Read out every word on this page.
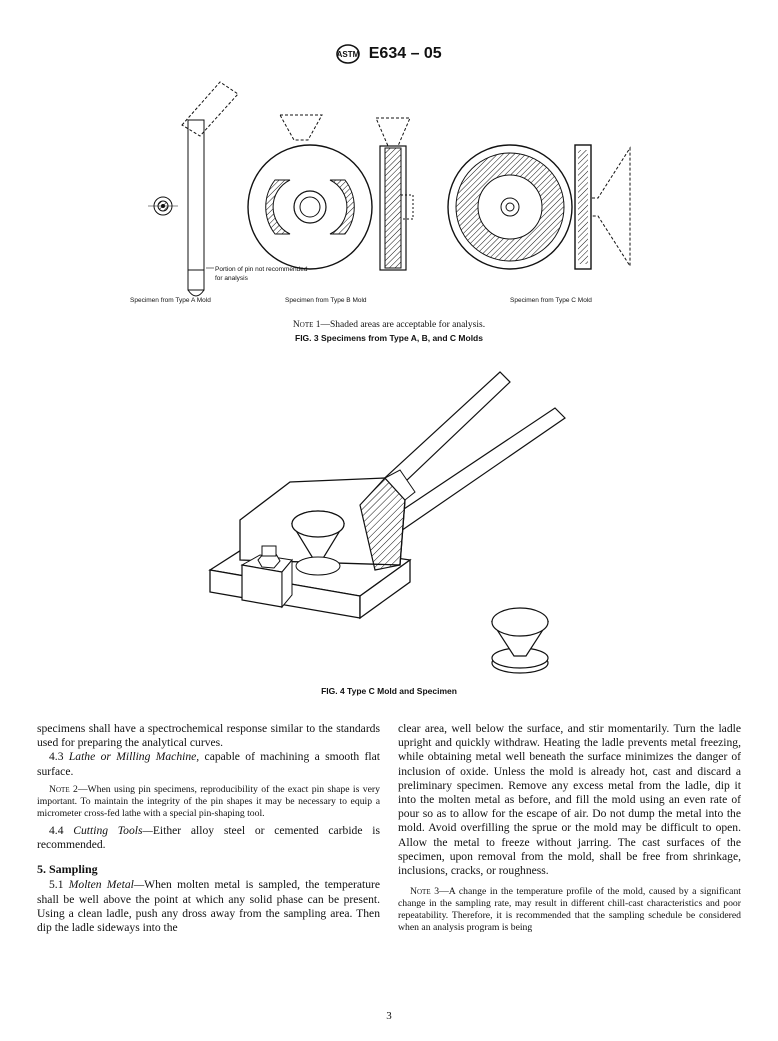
ASTM E634 – 05
Portion of pin not recommended for analysis
Specimen from Type A Mold	Specimen from Type B Mold	Specimen from Type C Mold
Note 1—Shaded areas are acceptable for analysis.
FIG. 3 Specimens from Type A, B, and C Molds
FIG. 4 Type C Mold and Specimen

specimens shall have a spectrochemical response similar to the standards used for preparing the analytical curves.

4.3 Lathe or Milling Machine, capable of machining a smooth flat surface.

Note 2—When using pin specimens, reproducibility of the exact pin shape is very important. To maintain the integrity of the pin shapes it may be necessary to equip a micrometer cross-fed lathe with a special pin-shaping tool.

4.4 Cutting Tools—Either alloy steel or cemented carbide is recommended.

5. Sampling

5.1 Molten Metal—When molten metal is sampled, the temperature shall be well above the point at which any solid phase can be present. Using a clean ladle, push any dross away from the sampling area. Then dip the ladle sideways into the

clear area, well below the surface, and stir momentarily. Turn the ladle upright and quickly withdraw. Heating the ladle prevents metal freezing, while obtaining metal well beneath the surface minimizes the danger of inclusion of oxide. Unless the mold is already hot, cast and discard a preliminary specimen. Remove any excess metal from the ladle, dip it into the molten metal as before, and fill the mold using an even rate of pour so as to allow for the escape of air. Do not dump the metal into the mold. Avoid overfilling the sprue or the mold may be difficult to open. Allow the metal to freeze without jarring. The cast surfaces of the specimen, upon removal from the mold, shall be free from shrinkage, inclusions, cracks, or roughness.

Note 3—A change in the temperature profile of the mold, caused by a significant change in the sampling rate, may result in different chill-cast characteristics and poor repeatability. Therefore, it is recommended that the sampling schedule be considered when an analysis program is being

3
